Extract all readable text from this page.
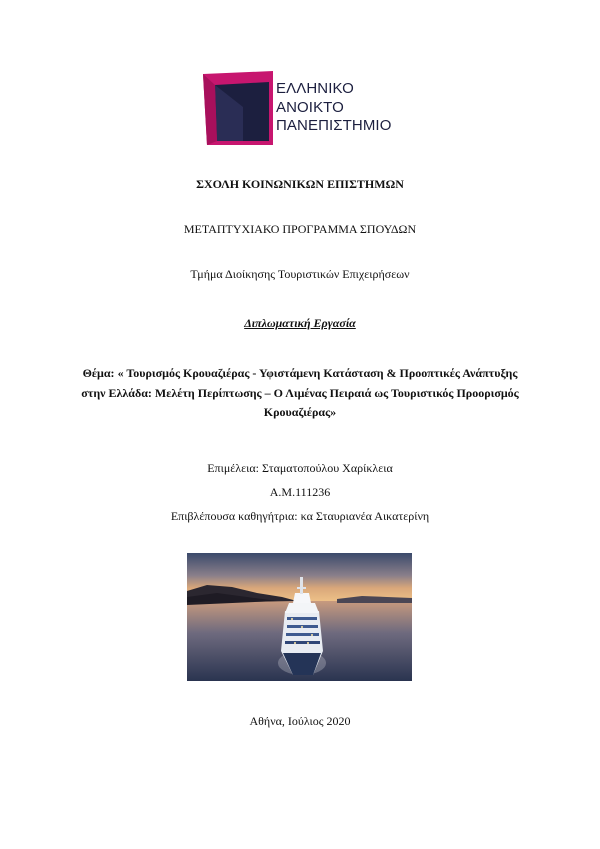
ΕΛΛΗΝΙΚΟ
ΑΝΟΙΚΤΟ
ΠΑΝΕΠΙΣΤΗΜΙΟ
ΣΧΟΛΗ ΚΟΙΝΩΝΙΚΩΝ ΕΠΙΣΤΗΜΩΝ
ΜΕΤΑΠΤΥΧΙΑΚΟ ΠΡΟΓΡΑΜΜΑ ΣΠΟΥΔΩΝ
Τμήμα Διοίκησης Τουριστικών Επιχειρήσεων
Διπλωματική Εργασία
Θέμα: « Τουρισμός Κρουαζιέρας - Υφιστάμενη Κατάσταση & Προοπτικές Ανάπτυξης
στην Ελλάδα: Μελέτη Περίπτωσης – Ο Λιμένας Πειραιά ως Τουριστικός Προορισμός
Κρουαζιέρας»
Επιμέλεια: Σταματοπούλου Χαρίκλεια
Α.Μ.111236
Επιβλέπουσα καθηγήτρια: κα Σταυριανέα Αικατερίνη
Αθήνα, Ιούλιος 2020
